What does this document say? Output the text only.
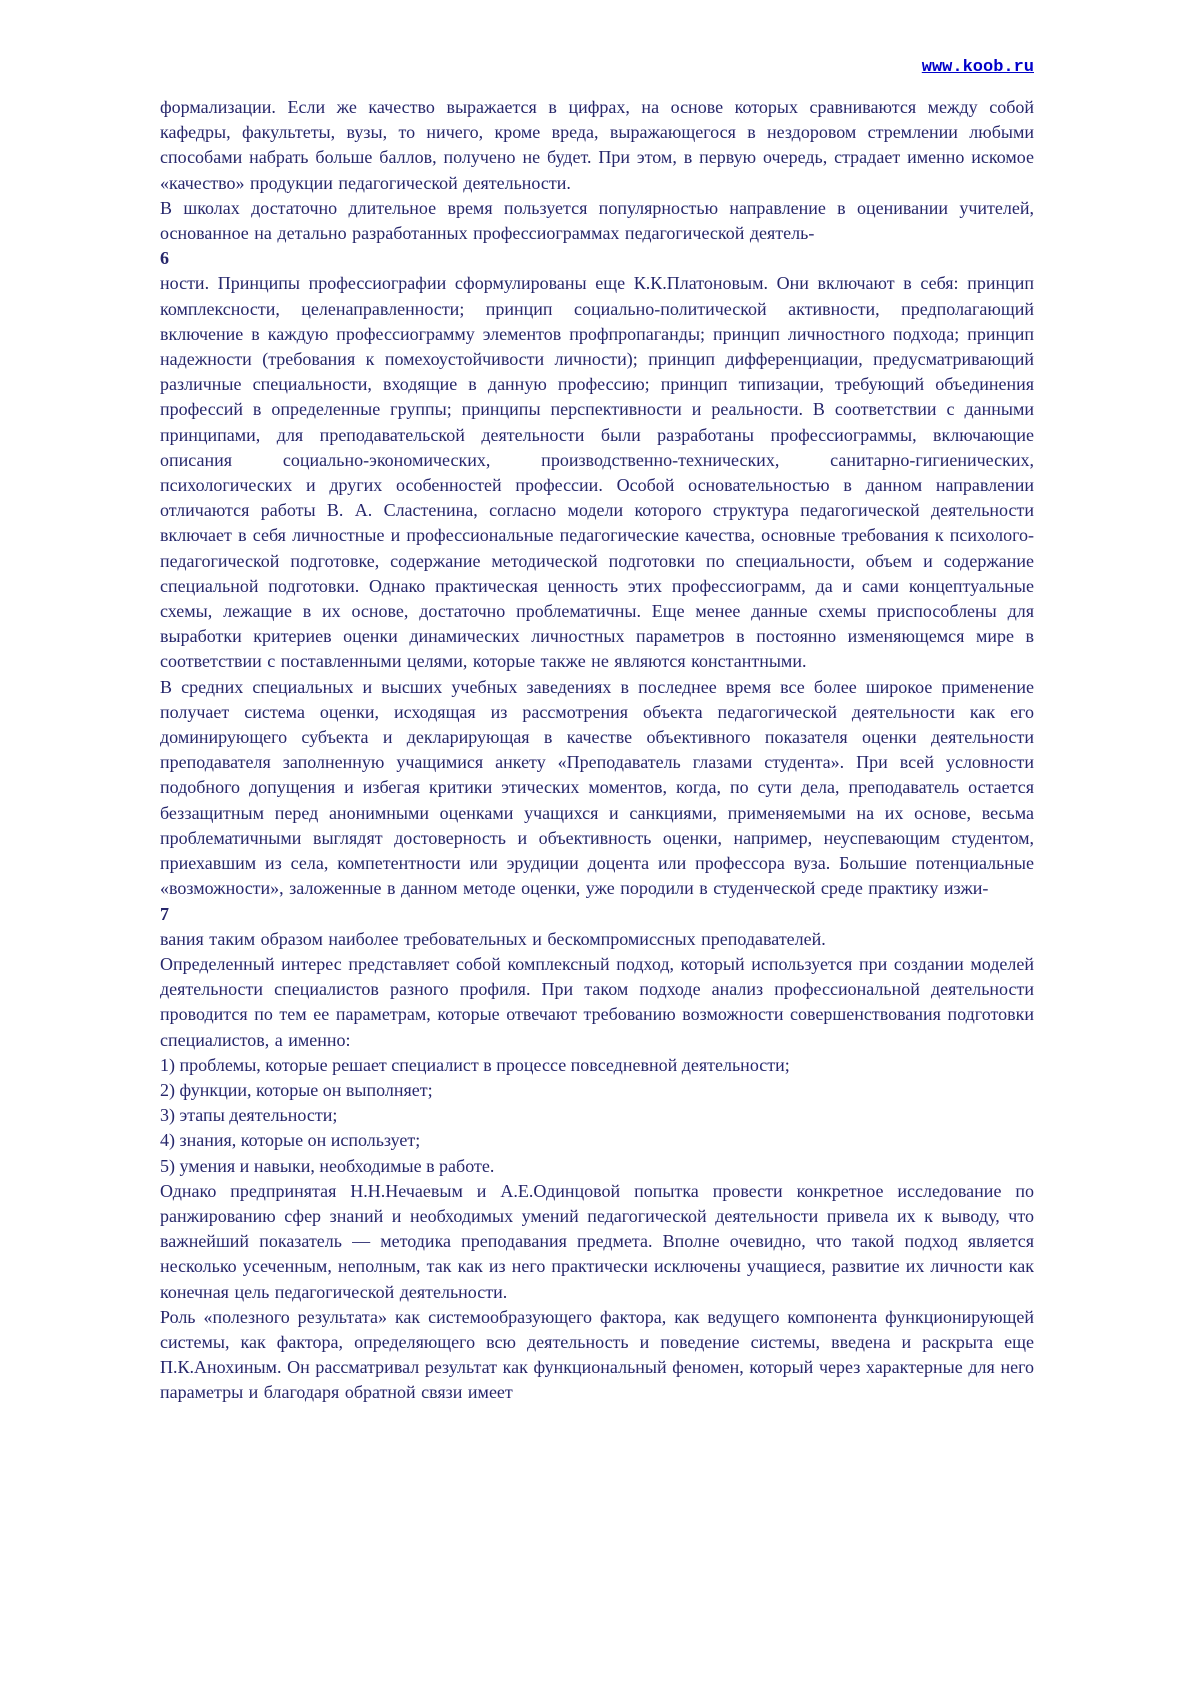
www.koob.ru

формализации. Если же качество выражается в цифрах, на основе которых сравниваются между собой кафедры, факультеты, вузы, то ничего, кроме вреда, выражающегося в нездоровом стремлении любыми способами набрать больше баллов, получено не будет. При этом, в первую очередь, страдает именно искомое «качество» продукции педагогической деятельности.

В школах достаточно длительное время пользуется популярностью направление в оценивании учителей, основанное на детально разработанных профессиограммах педагогической деятель-

6

ности. Принципы профессиографии сформулированы еще К.К.Платоновым. Они включают в себя: принцип комплексности, целенаправленности; принцип социально-политической активности, предполагающий включение в каждую профессиограмму элементов профпропаганды; принцип личностного подхода; принцип надежности (требования к помехоустойчивости личности); принцип дифференциации, предусматривающий различные специальности, входящие в данную профессию; принцип типизации, требующий объединения профессий в определенные группы; принципы перспективности и реальности. В соответствии с данными принципами, для преподавательской деятельности были разработаны профессиограммы, включающие описания социально-экономических, производственно-технических, санитарно-гигиенических, психологических и других особенностей профессии. Особой основательностью в данном направлении отличаются работы В. А. Сластенина, согласно модели которого структура педагогической деятельности включает в себя личностные и профессиональные педагогические качества, основные требования к психолого-педагогической подготовке, содержание методической подготовки по специальности, объем и содержание специальной подготовки. Однако практическая ценность этих профессиограмм, да и сами концептуальные схемы, лежащие в их основе, достаточно проблематичны. Еще менее данные схемы приспособлены для выработки критериев оценки динамических личностных параметров в постоянно изменяющемся мире в соответствии с поставленными целями, которые также не являются константными.

В средних специальных и высших учебных заведениях в последнее время все более широкое применение получает система оценки, исходящая из рассмотрения объекта педагогической деятельности как его доминирующего субъекта и декларирующая в качестве объективного показателя оценки деятельности преподавателя заполненную учащимися анкету «Преподаватель глазами студента». При всей условности подобного допущения и избегая критики этических моментов, когда, по сути дела, преподаватель остается беззащитным перед анонимными оценками учащихся и санкциями, применяемыми на их основе, весьма проблематичными выглядят достоверность и объективность оценки, например, неуспевающим студентом, приехавшим из села, компетентности или эрудиции доцента или профессора вуза. Большие потенциальные «возможности», заложенные в данном методе оценки, уже породили в студенческой среде практику изжи-

7

вания таким образом наиболее требовательных и бескомпромиссных преподавателей.

Определенный интерес представляет собой комплексный подход, который используется при создании моделей деятельности специалистов разного профиля. При таком подходе анализ профессиональной деятельности проводится по тем ее параметрам, которые отвечают требованию возможности совершенствования подготовки специалистов, а именно:

1) проблемы, которые решает специалист в процессе повседневной деятельности;

2) функции, которые он выполняет;

3) этапы деятельности;

4) знания, которые он использует;

5) умения и навыки, необходимые в работе.

Однако предпринятая Н.Н.Нечаевым и А.Е.Одинцовой попытка провести конкретное исследование по ранжированию сфер знаний и необходимых умений педагогической деятельности привела их к выводу, что важнейший показатель — методика преподавания предмета. Вполне очевидно, что такой подход является несколько усеченным, неполным, так как из него практически исключены учащиеся, развитие их личности как конечная цель педагогической деятельности.

Роль «полезного результата» как системообразующего фактора, как ведущего компонента функционирующей системы, как фактора, определяющего всю деятельность и поведение системы, введена и раскрыта еще П.К.Анохиным. Он рассматривал результат как функциональный феномен, который через характерные для него параметры и благодаря обратной связи имеет
